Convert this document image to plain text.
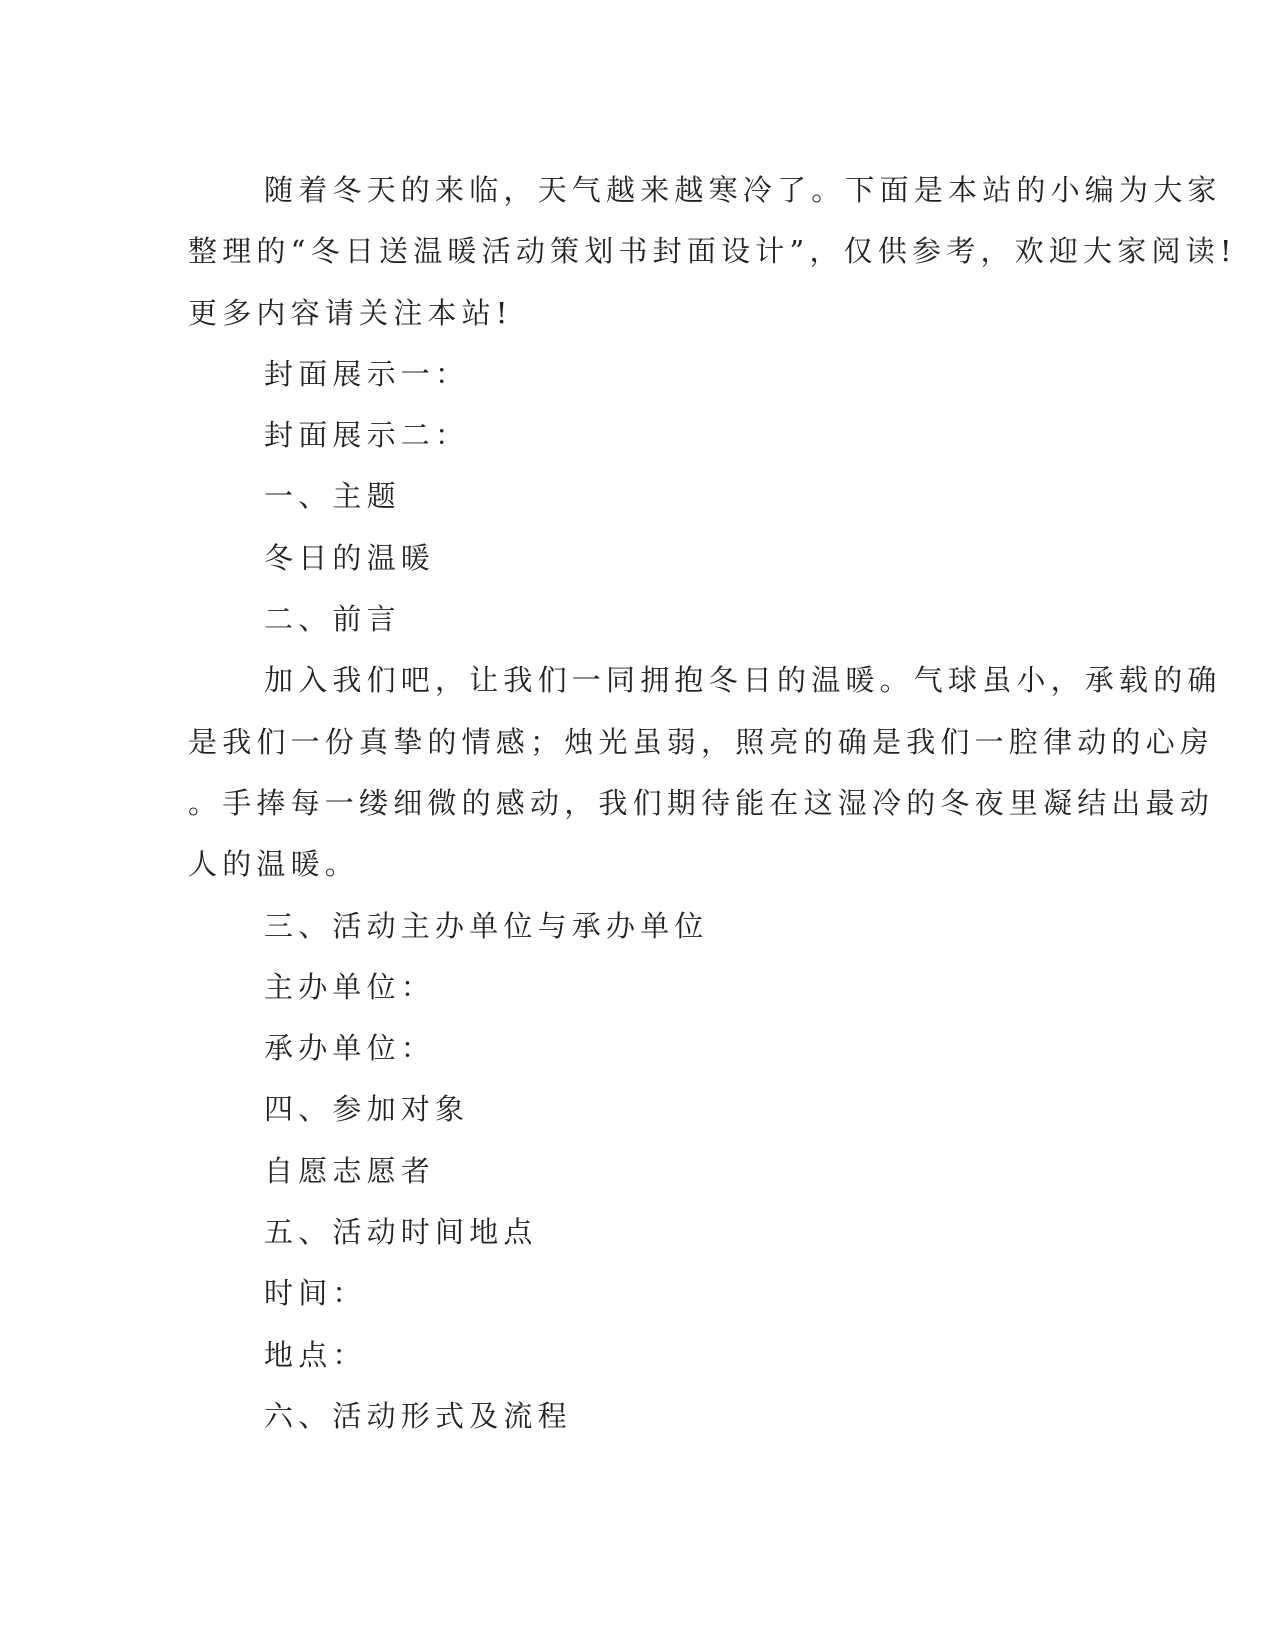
随着冬天的来临，天气越来越寒冷了。下面是本站的小编为大家

整理的“冬日送温暖活动策划书封面设计”，仅供参考，欢迎大家阅读!

更多内容请关注本站!

封面展示一：

封面展示二：

一、主题

冬日的温暖

二、前言

加入我们吧，让我们一同拥抱冬日的温暖。气球虽小，承载的确

是我们一份真挚的情感；烛光虽弱，照亮的确是我们一腔律动的心房

。手捧每一缕细微的感动，我们期待能在这湿冷的冬夜里凝结出最动

人的温暖。

三、活动主办单位与承办单位

主办单位：

承办单位：

四、参加对象

自愿志愿者

五、活动时间地点

时间：

地点：

六、活动形式及流程
